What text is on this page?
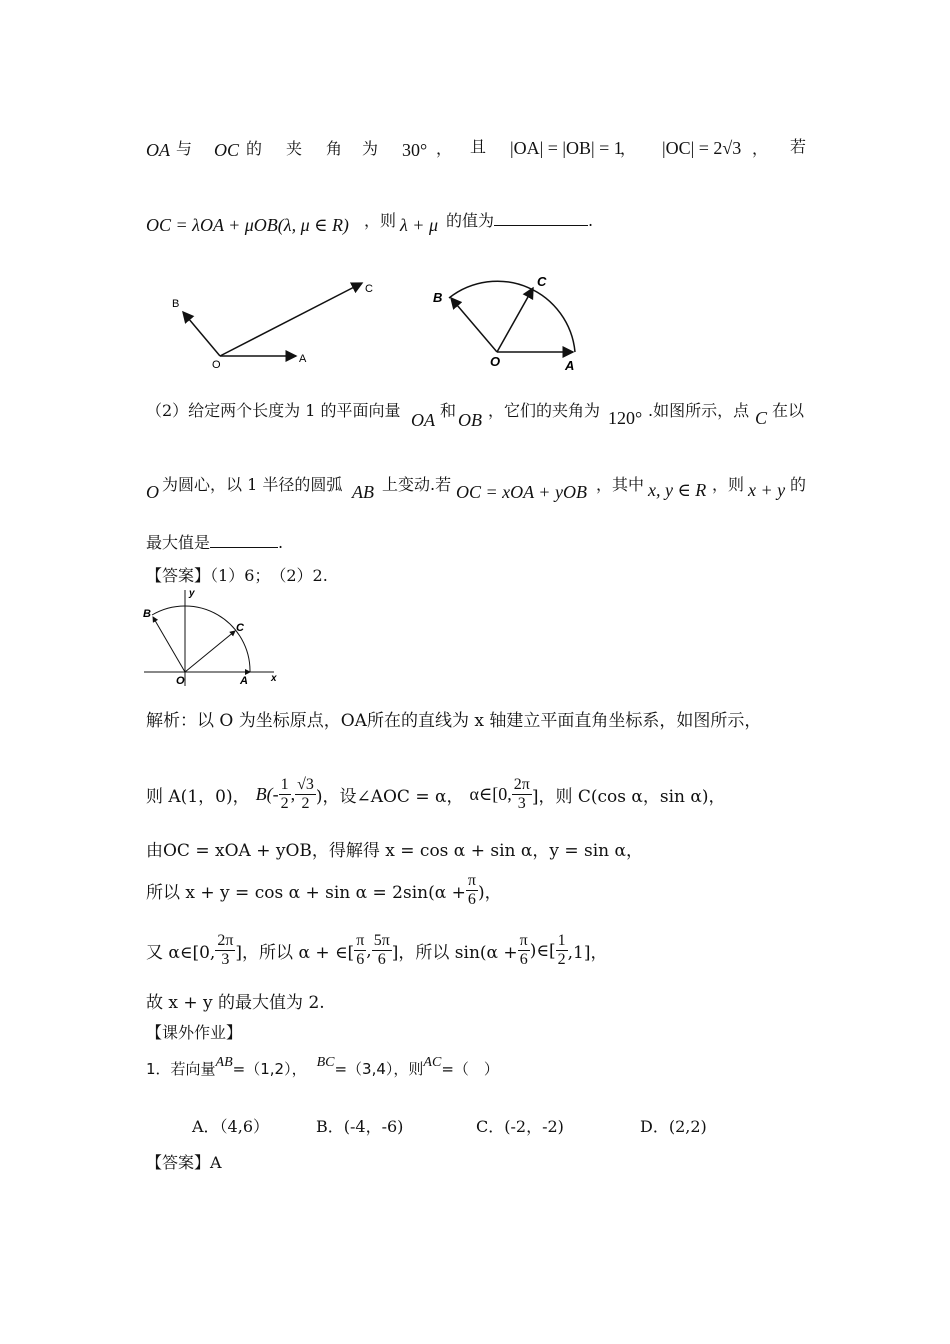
OA 与 OC 的 夹 角 为 30° ， 且 |OA| = |OB| = 1
， |OC| = 2√3 ， 若
OC = λOA + μOB(λ, μ ∈ R) ，则 λ + μ 的值为	.
O	A
B
C
O	A
B
C
（2）给定两个长度为 1 的平面向量 OA 和 OB ，它们的夹角为 120° .如图所示，点 C 在以
O 为圆心，以 1 半径的圆弧 AB 上变动.若 OC = xOA + yOB ，其中 x, y ∈ R ，则 x + y 的
最大值是	.
【答案】（1）6；　（2）2.
B
y
C
O	A x
解析：以 O 为坐标原点，OA所在的直线为 x 轴建立平面直角坐标系，如图所示，
则 A(1，0)， $B(- \frac{1}{2}$ , $\frac{√3}{2}$ )，设∠AOC = α， α∈[0, $\frac{2\pi}{3}$ ]，则 C(cos α，sin α)，
由OC = xOA + yOB，得解得 x = cos α + sin α，y = sin α，
所以 $x + y = \cos \alpha + \sin \alpha = 2\sin(\alpha + \frac{\pi}{6}$ )，
又 α∈[0, $\frac{2\pi}{3}$ ]，所以 α + ∈[ $\frac{\pi}{6}$ , $\frac{5\pi}{6}$ ]，所以 $\sin(\alpha + \frac{\pi}{6}$ )∈[ $\frac{1}{2} ,1$]，
故 x + y 的最大值为 2.
【课外作业】
1．若向量AB=（1,2）， BC=（3,4），则AC=（　）
A．（4,6）	B．(-4，-6)	C．(-2，-2)	D．(2,2)
【答案】A
